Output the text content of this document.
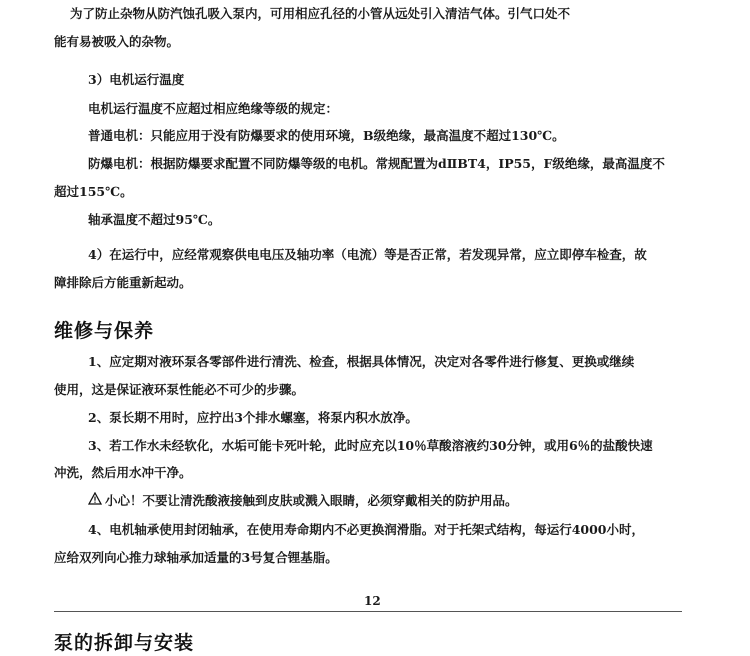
为了防止杂物从防汽蚀孔吸入泵内，可用相应孔径的小管从远处引入清洁气体。引气口处不
能有易被吸入的杂物。
3）电机运行温度
电机运行温度不应超过相应绝缘等级的规定：
普通电机：只能应用于没有防爆要求的使用环境，B级绝缘，最高温度不超过130℃。
防爆电机：根据防爆要求配置不同防爆等级的电机。常规配置为dⅡBT4，IP55，F级绝缘，最高温度不
超过155℃。
轴承温度不超过95℃。
4）在运行中，应经常观察供电电压及轴功率（电流）等是否正常，若发现异常，应立即停车检查，故
障排除后方能重新起动。
维修与保养
1、应定期对液环泵各零部件进行清洗、检查，根据具体情况，决定对各零件进行修复、更换或继续
使用，这是保证液环泵性能必不可少的步骤。
2、泵长期不用时，应拧出3个排水螺塞，将泵内积水放净。
3、若工作水未经软化，水垢可能卡死叶轮，此时应充以10％草酸溶液约30分钟，或用6％的盐酸快速
冲洗，然后用水冲干净。
小心！不要让清洗酸液接触到皮肤或溅入眼睛，必须穿戴相关的防护用品。
4、电机轴承使用封闭轴承，在使用寿命期内不必更换润滑脂。对于托架式结构，每运行4000小时，
应给双列向心推力球轴承加适量的3号复合锂基脂。
12
泵的拆卸与安装
